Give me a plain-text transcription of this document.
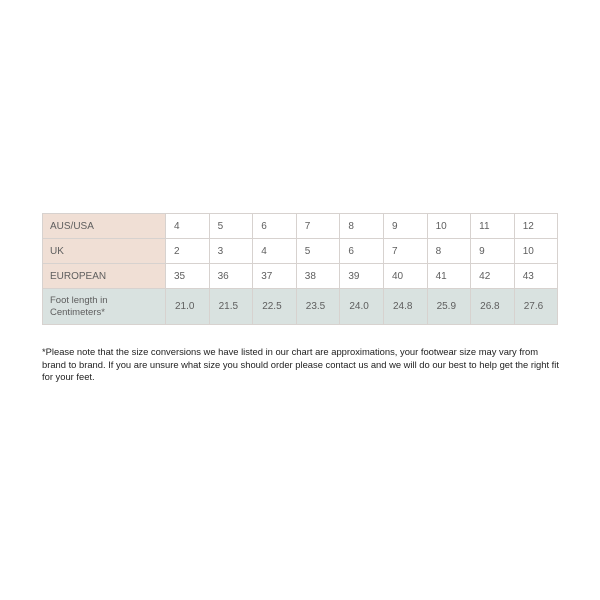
AUS/USA	4	5	6	7	8	9	10	11	12
UK	2	3	4	5	6	7	8	9	10
EUROPEAN	35	36	37	38	39	40	41	42	43
Foot length in Centimeters*	21.0	21.5	22.5	23.5	24.0	24.8	25.9	26.8	27.6

*Please note that the size conversions we have listed in our chart are approximations, your footwear size may vary from brand to brand. If you are unsure what size you should order please contact us and we will do our best to help get the right fit for your feet.
